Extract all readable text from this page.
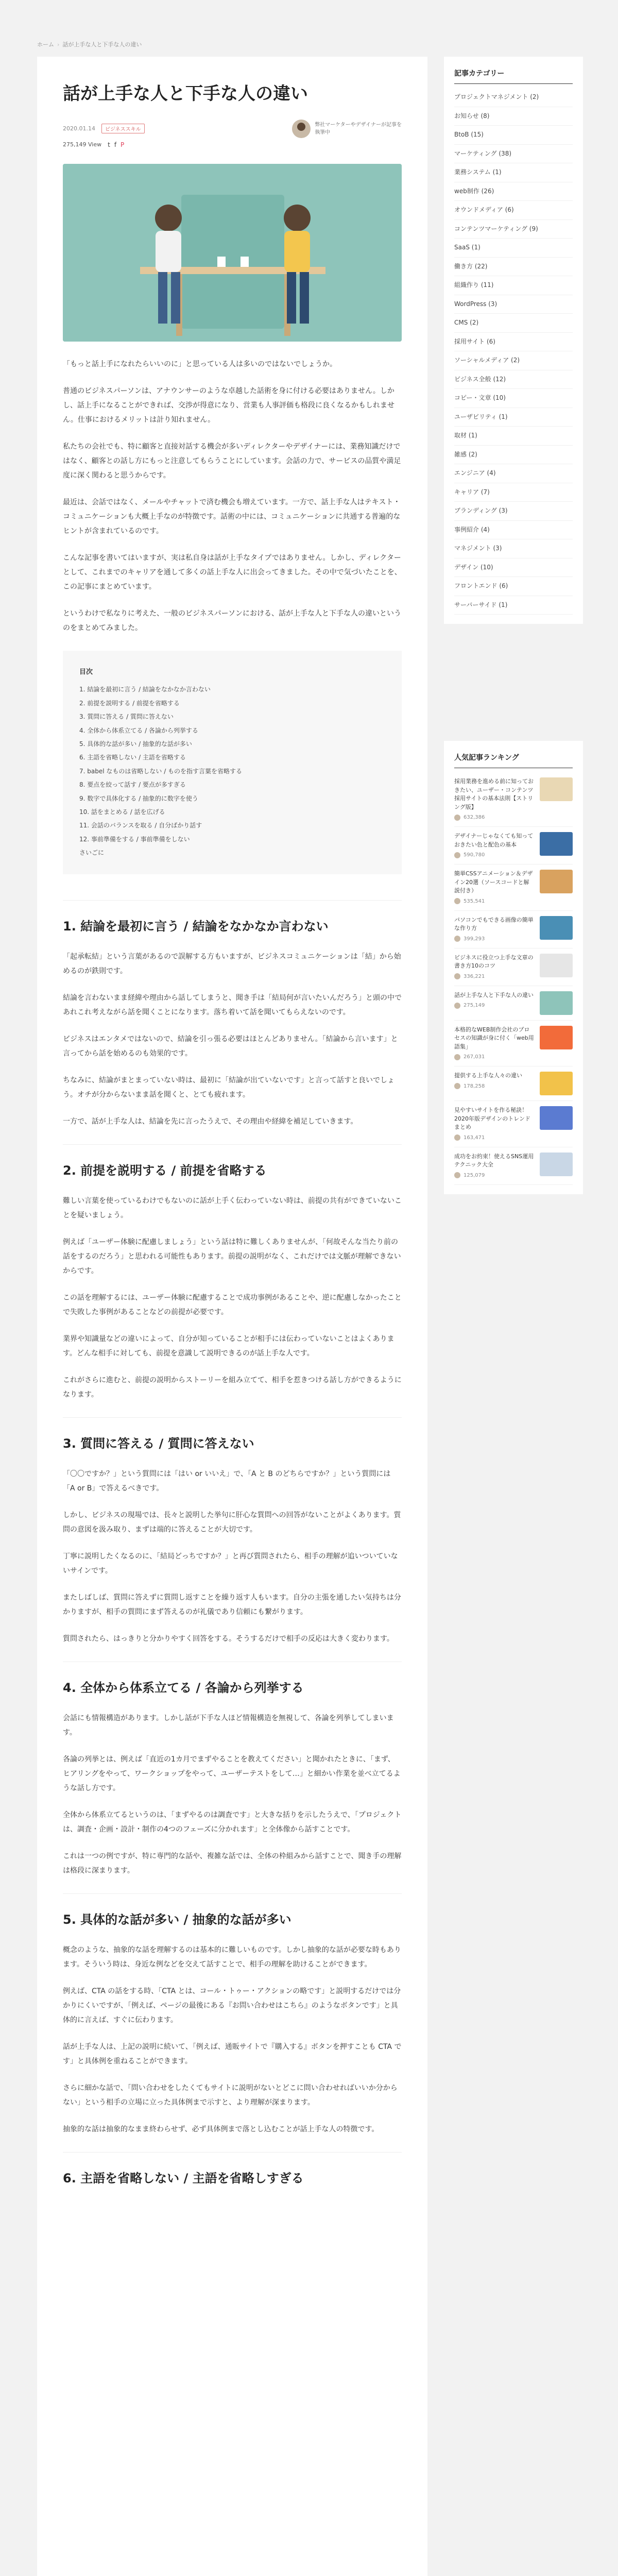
ホーム › 話が上手な人と下手な人の違い
話が上手な人と下手な人の違い
2020.01.14	ビジネススキル
弊社マーケターやデザイナーが記事を
執筆中
275,149 View t f P

「もっと話上手になれたらいいのに」と思っている人は多いのではないでしょうか。

普通のビジネスパーソンは、アナウンサーのような卓越した話術を身に付ける必要はありません。しかし、話上手になることができれば、交渉が得意になり、営業も人事評価も格段に良くなるかもしれません。仕事におけるメリットは計り知れません。

私たちの会社でも、特に顧客と直接対話する機会が多いディレクターやデザイナーには、業務知識だけではなく、顧客との話し方にもっと注意してもらうことにしています。会話の力で、サービスの品質や満足度に深く関わると思うからです。

最近は、会話ではなく、メールやチャットで済む機会も増えています。一方で、話上手な人はテキスト・コミュニケーションも大概上手なのが特徴です。話術の中には、コミュニケーションに共通する普遍的なヒントが含まれているのです。

こんな記事を書いてはいますが、実は私自身は話が上手なタイプではありません。しかし、ディレクターとして、これまでのキャリアを通して多くの話上手な人に出会ってきました。その中で気づいたことを、この記事にまとめています。

というわけで私なりに考えた、一般のビジネスパーソンにおける、話が上手な人と下手な人の違いというのをまとめてみました。

目次
1. 結論を最初に言う / 結論をなかなか言わない
2. 前提を説明する / 前提を省略する
3. 質問に答える / 質問に答えない
4. 全体から体系立てる / 各論から列挙する
5. 具体的な話が多い / 抽象的な話が多い
6. 主語を省略しない / 主語を省略する
7. babel なものは省略しない / ものを指す言葉を省略する
8. 要点を絞って話す / 要点が多すぎる
9. 数字で具体化する / 抽象的に数字を使う
10. 話をまとめる / 話を広げる
11. 会話のバランスを取る / 自分ばかり話す
12. 事前準備をする / 事前準備をしない
さいごに
1. 結論を最初に言う / 結論をなかなか言わない

「起承転結」という言葉があるので誤解する方もいますが、ビジネスコミュニケーションは「結」から始めるのが鉄則です。

結論を言わないまま経緯や理由から話してしまうと、聞き手は「結局何が言いたいんだろう」と頭の中であれこれ考えながら話を聞くことになります。落ち着いて話を聞いてもらえないのです。

ビジネスはエンタメではないので、結論を引っ張る必要はほとんどありません。「結論から言います」と言ってから話を始めるのも効果的です。

ちなみに、結論がまとまっていない時は、最初に「結論が出ていないです」と言って話すと良いでしょう。オチが分からないまま話を聞くと、とても疲れます。

一方で、話が上手な人は、結論を先に言ったうえで、その理由や経緯を補足していきます。

2. 前提を説明する / 前提を省略する

難しい言葉を使っているわけでもないのに話が上手く伝わっていない時は、前提の共有ができていないことを疑いましょう。

例えば「ユーザー体験に配慮しましょう」という話は特に難しくありませんが、「何故そんな当たり前の話をするのだろう」と思われる可能性もあります。前提の説明がなく、これだけでは文脈が理解できないからです。

この話を理解するには、ユーザー体験に配慮することで成功事例があることや、逆に配慮しなかったことで失敗した事例があることなどの前提が必要です。

業界や知識量などの違いによって、自分が知っていることが相手には伝わっていないことはよくあります。どんな相手に対しても、前提を意識して説明できるのが話上手な人です。

これがさらに進むと、前提の説明からストーリーを組み立てて、相手を惹きつける話し方ができるようになります。

3. 質問に答える / 質問に答えない

「〇〇ですか？」という質問には「はい or いいえ」で、「A と B のどちらですか？」という質問には「A or B」で答えるべきです。

しかし、ビジネスの現場では、長々と説明した挙句に肝心な質問への回答がないことがよくあります。質問の意図を汲み取り、まずは端的に答えることが大切です。

丁寧に説明したくなるのに、「結局どっちですか？」と再び質問されたら、相手の理解が追いついていないサインです。

またしばしば、質問に答えずに質問し返すことを繰り返す人もいます。自分の主張を通したい気持ちは分かりますが、相手の質問にまず答えるのが礼儀であり信頼にも繋がります。

質問されたら、はっきりと分かりやすく回答をする。そうするだけで相手の反応は大きく変わります。

4. 全体から体系立てる / 各論から列挙する

会話にも情報構造があります。しかし話が下手な人ほど情報構造を無視して、各論を列挙してしまいます。

各論の列挙とは、例えば「直近の1カ月でまずやることを教えてください」と聞かれたときに、「まず、ヒアリングをやって、ワークショップをやって、ユーザーテストをして…」と細かい作業を並べ立てるような話し方です。

全体から体系立てるというのは、「まずやるのは調査です」と大きな括りを示したうえで、「プロジェクトは、調査・企画・設計・制作の4つのフェーズに分かれます」と全体像から話すことです。

これは一つの例ですが、特に専門的な話や、複雑な話では、全体の枠組みから話すことで、聞き手の理解は格段に深まります。

5. 具体的な話が多い / 抽象的な話が多い

概念のような、抽象的な話を理解するのは基本的に難しいものです。しかし抽象的な話が必要な時もあります。そういう時は、身近な例などを交えて話すことで、相手の理解を助けることができます。

例えば、CTA の話をする時、「CTA とは、コール・トゥー・アクションの略です」と説明するだけでは分かりにくいですが、「例えば、ページの最後にある『お問い合わせはこちら』のようなボタンです」と具体的に言えば、すぐに伝わります。

話が上手な人は、上記の説明に続いて、「例えば、通販サイトで『購入する』ボタンを押すことも CTA です」と具体例を重ねることができます。

さらに細かな話で、「問い合わせをしたくてもサイトに説明がないとどこに問い合わせればいいか分からない」という相手の立場に立った具体例まで示すと、より理解が深まります。

抽象的な話は抽象的なまま終わらせず、必ず具体例まで落とし込むことが話上手な人の特徴です。

6. 主語を省略しない / 主語を省略しすぎる
記事カテゴリー
プロジェクトマネジメント (2)
お知らせ (8)
BtoB (15)
マーケティング (38)
業務システム (1)
web制作 (26)
オウンドメディア (6)
コンテンツマーケティング (9)
SaaS (1)
働き方 (22)
組織作り (11)
WordPress (3)
CMS (2)
採用サイト (6)
ソーシャルメディア (2)
ビジネス全般 (12)
コピー・文章 (10)
ユーザビリティ (1)
取材 (1)
雑感 (2)
エンジニア (4)
キャリア (7)
ブランディング (3)
事例紹介 (4)
マネジメント (3)
デザイン (10)
フロントエンド (6)
サーバーサイド (1)
人気記事ランキング
採用業務を進める前に知っておきたい、ユーザー・コンテンツ採用サイトの基本法則【ストリング版】
632,386
デザイナーじゃなくても知っておきたい色と配色の基本
590,780
簡単CSSアニメーション＆デザイン20選（ソースコードと解説付き）
535,541
パソコンでもできる画像の簡単な作り方
399,293
ビジネスに役立つ上手な文章の書き方10のコツ
336,221
話が上手な人と下手な人の違い
275,149
本格的なWEB制作会社のプロセスの知識が身に付く「web用語集」
267,031
提供する上手な人々の違い
178,258
見やすいサイトを作る秘訣！2020年版デザインのトレンドまとめ
163,471
成功をお約束！使えるSNS運用テクニック大全
125,079
